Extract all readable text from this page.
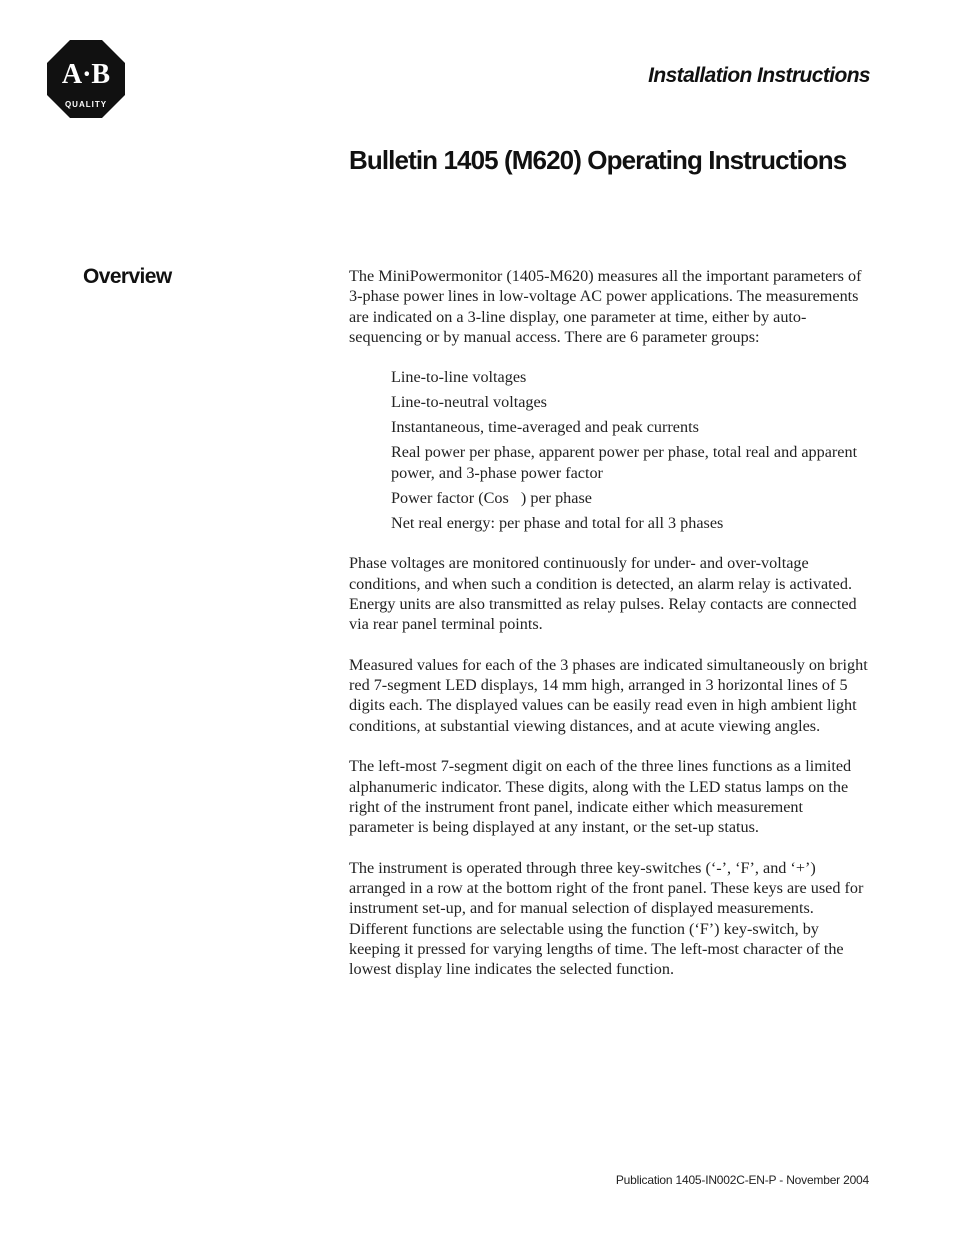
A·B
QUALITY
Installation Instructions
Bulletin 1405 (M620) Operating Instructions
Overview	The MiniPowermonitor (1405-M620) measures all the important parameters of 3-phase power lines in low-voltage AC power applications. The measurements are indicated on a 3-line display, one parameter at time, either by auto-sequencing or by manual access. There are 6 parameter groups:

Line-to-line voltages
Line-to-neutral voltages
Instantaneous, time-averaged and peak currents
Real power per phase, apparent power per phase, total real and apparent power, and 3-phase power factor
Power factor (Cos   ) per phase
Net real energy: per phase and total for all 3 phases

Phase voltages are monitored continuously for under- and over-voltage conditions, and when such a condition is detected, an alarm relay is activated. Energy units are also transmitted as relay pulses. Relay contacts are connected via rear panel terminal points.

Measured values for each of the 3 phases are indicated simultaneously on bright red 7-segment LED displays, 14 mm high, arranged in 3 horizontal lines of 5 digits each. The displayed values can be easily read even in high ambient light conditions, at substantial viewing distances, and at acute viewing angles.

The left-most 7-segment digit on each of the three lines functions as a limited alphanumeric indicator. These digits, along with the LED status lamps on the right of the instrument front panel, indicate either which measurement parameter is being displayed at any instant, or the set-up status.

The instrument is operated through three key-switches (‘-’, ‘F’, and ‘+’) arranged in a row at the bottom right of the front panel. These keys are used for instrument set-up, and for manual selection of displayed measurements. Different functions are selectable using the function (‘F’) key-switch, by keeping it pressed for varying lengths of time. The left-most character of the lowest display line indicates the selected function.

Publication 1405-IN002C-EN-P - November 2004
